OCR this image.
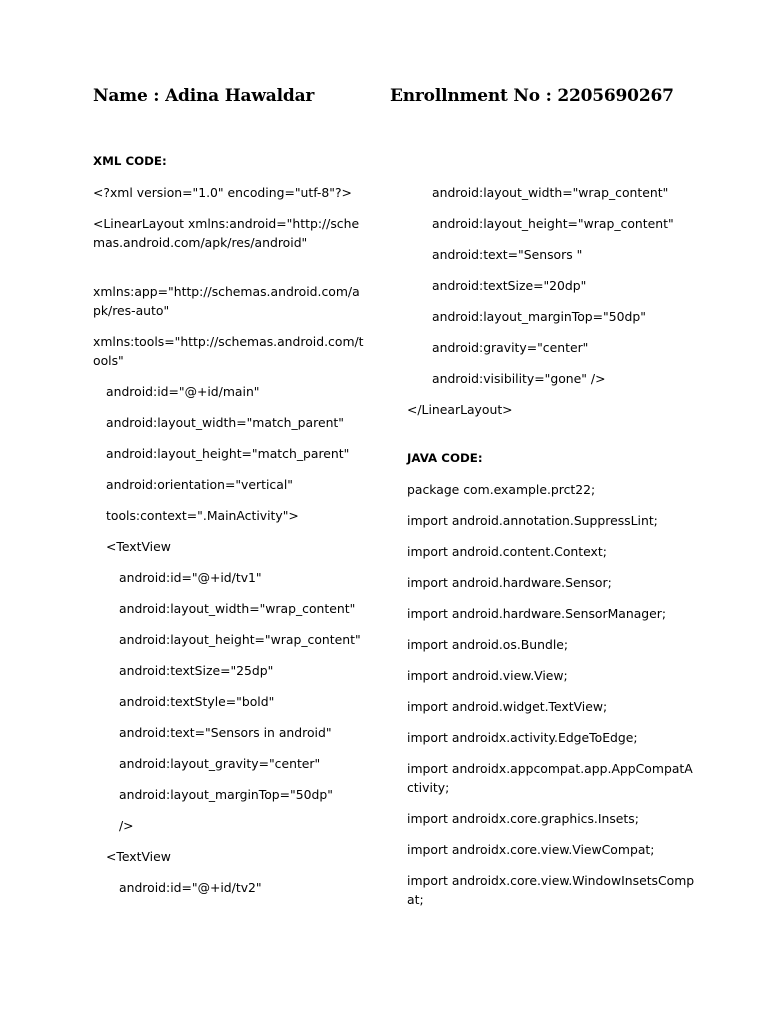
Name : Adina Hawaldar	Enrollnment No : 2205690267
XML CODE:
<?xml version="1.0" encoding="utf-8"?>
<LinearLayout xmlns:android="http://schemas.android.com/apk/res/android"
xmlns:app="http://schemas.android.com/apk/res-auto"
xmlns:tools="http://schemas.android.com/tools"
android:id="@+id/main"
android:layout_width="match_parent"
android:layout_height="match_parent"
android:orientation="vertical"
tools:context=".MainActivity">
<TextView
android:id="@+id/tv1"
android:layout_width="wrap_content"
android:layout_height="wrap_content"
android:textSize="25dp"
android:textStyle="bold"
android:text="Sensors in android"
android:layout_gravity="center"
android:layout_marginTop="50dp"
/>
<TextView
android:id="@+id/tv2"
android:layout_width="wrap_content"
android:layout_height="wrap_content"
android:text="Sensors "
android:textSize="20dp"
android:layout_marginTop="50dp"
android:gravity="center"
android:visibility="gone" />
</LinearLayout>
JAVA CODE:
package com.example.prct22;
import android.annotation.SuppressLint;
import android.content.Context;
import android.hardware.Sensor;
import android.hardware.SensorManager;
import android.os.Bundle;
import android.view.View;
import android.widget.TextView;
import androidx.activity.EdgeToEdge;
import androidx.appcompat.app.AppCompatActivity;
import androidx.core.graphics.Insets;
import androidx.core.view.ViewCompat;
import androidx.core.view.WindowInsetsCompat;
